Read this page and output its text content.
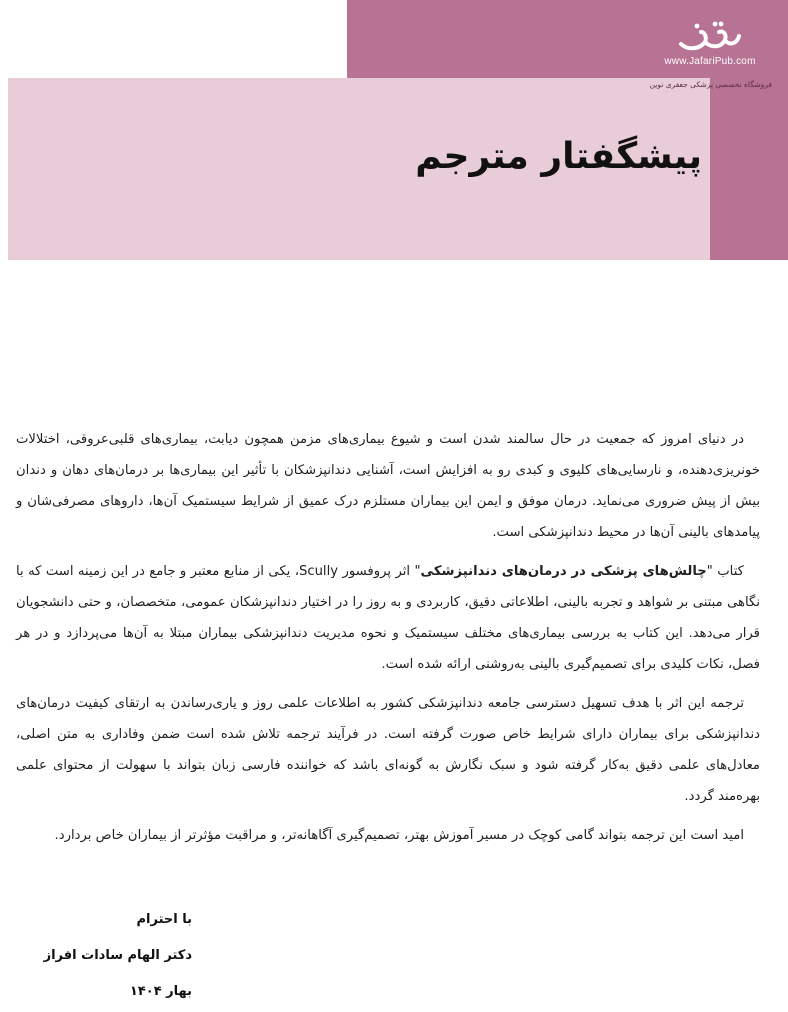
www.JafariPub.com
فروشگاه تخصصی پزشکی جعفری نوین
پیشگفتار مترجم

در دنیای امروز که جمعیت در حال سالمند شدن است و شیوع بیماری‌های مزمن همچون دیابت، بیماری‌های قلبی‌عروقی، اختلالات خونریزی‌دهنده، و نارسایی‌های کلیوی و کبدی رو به افزایش است، آشنایی دندانپزشکان با تأثیر این بیماری‌ها بر درمان‌های دهان و دندان بیش از پیش ضروری می‌نماید. درمان موفق و ایمن این بیماران مستلزم درک عمیق از شرایط سیستمیک آن‌ها، داروهای مصرفی‌شان و پیامدهای بالینی آن‌ها در محیط دندانپزشکی است.

کتاب "چالش‌های پزشکی در درمان‌های دندانپزشکی" اثر پروفسور Scully، یکی از منابع معتبر و جامع در این زمینه است که با نگاهی مبتنی بر شواهد و تجربه بالینی، اطلاعاتی دقیق، کاربردی و به روز را در اختیار دندانپزشکان عمومی، متخصصان، و حتی دانشجویان قرار می‌دهد. این کتاب به بررسی بیماری‌های مختلف سیستمیک و نحوه مدیریت دندانپزشکی بیماران مبتلا به آن‌ها می‌پردازد و در هر فصل، نکات کلیدی برای تصمیم‌گیری بالینی به‌روشنی ارائه شده است.

ترجمه این اثر با هدف تسهیل دسترسی جامعه دندانپزشکی کشور به اطلاعات علمی روز و یاری‌رساندن به ارتقای کیفیت درمان‌های دندانپزشکی برای بیماران دارای شرایط خاص صورت گرفته است. در فرآیند ترجمه تلاش شده است ضمن وفاداری به متن اصلی، معادل‌های علمی دقیق به‌کار گرفته شود و سبک نگارش به گونه‌ای باشد که خواننده فارسی زبان بتواند با سهولت از محتوای علمی بهره‌مند گردد.

امید است این ترجمه بتواند گامی کوچک در مسیر آموزش بهتر، تصمیم‌گیری آگاهانه‌تر، و مراقبت مؤثرتر از بیماران خاص بردارد.

با احترام
دکتر الهام سادات افراز
بهار ۱۴۰۴
